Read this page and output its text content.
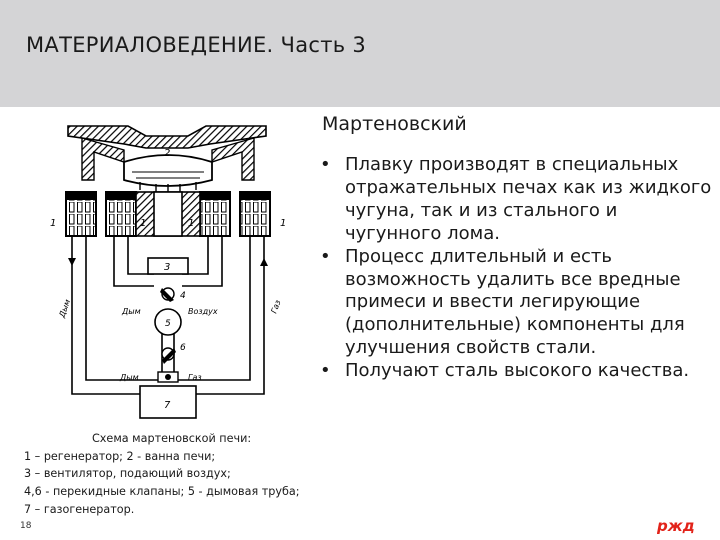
МАТЕРИАЛОВЕДЕНИЕ. Часть 3
Мартеновский
• Плавку производят в специальных отражательных печах как из жидкого чугуна, так и из стального и чугунного лома.
• Процесс длительный и есть возможность удалить все вредные примеси и ввести легирующие (дополнительные) компоненты для улучшения свойств стали.
• Получают сталь высокого качества.
2
1	1	1	1
3
4
5
6
7
Дым	Воздух
Дым	Газ
Дым	Газ
Схема мартеновской печи:
1 – регенератор; 2 - ванна печи;
3 – вентилятор, подающий воздух;
4,6 - перекидные клапаны; 5 - дымовая труба;
7 – газогенератор.
18	ржд
